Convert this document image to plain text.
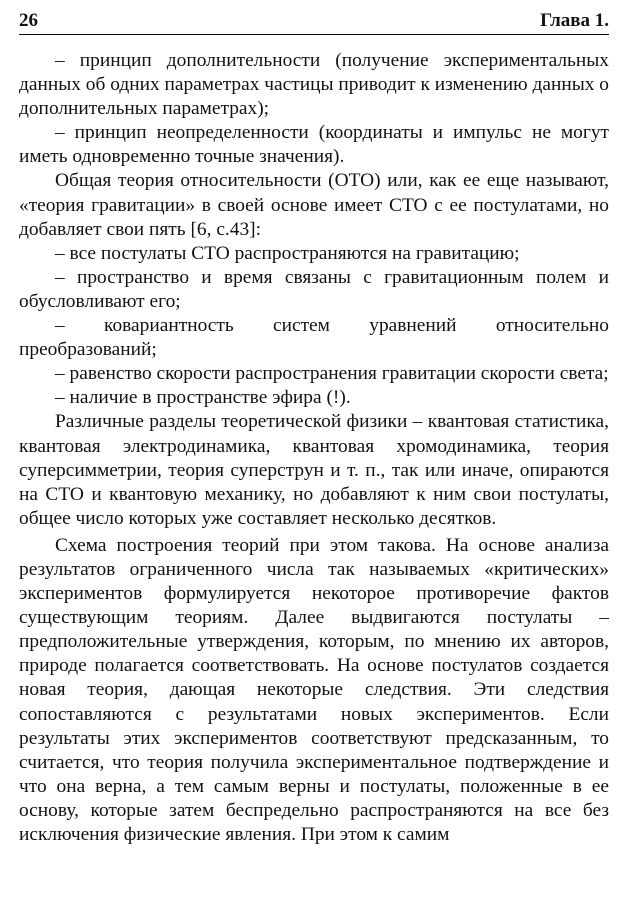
26	Глава 1.

– принцип дополнительности (получение экспериментальных данных об одних параметрах частицы приводит к изменению данных о дополнительных параметрах);

– принцип неопределенности (координаты и импульс не могут иметь одновременно точные значения).

Общая теория относительности (ОТО) или, как ее еще называют, «теория гравитации» в своей основе имеет СТО с ее постулатами, но добавляет свои пять [6, с.43]:

– все постулаты СТО распространяются на гравитацию;

– пространство и время связаны с гравитационным полем и обусловливают его;

– ковариантность систем уравнений относительно преобразований;

– равенство скорости распространения гравитации скорости света;

– наличие в пространстве эфира (!).

Различные разделы теоретической физики – квантовая статистика, квантовая электродинамика, квантовая хромодинамика, теория суперсимметрии, теория суперструн и т. п., так или иначе, опираются на СТО и квантовую механику, но добавляют к ним свои постулаты, общее число которых уже составляет несколько десятков.

Схема построения теорий при этом такова. На основе анализа результатов ограниченного числа так называемых «критических» экспериментов формулируется некоторое противоречие фактов существующим теориям. Далее выдвигаются постулаты – предположительные утверждения, которым, по мнению их авторов, природе полагается соответствовать. На основе постулатов создается новая теория, дающая некоторые следствия. Эти следствия сопоставляются с результатами новых экспериментов. Если результаты этих экспериментов соответствуют предсказанным, то считается, что теория получила экспериментальное подтверждение и что она верна, а тем самым верны и постулаты, положенные в ее основу, которые затем беспредельно распространяются на все без исключения физические явления. При этом к самим
